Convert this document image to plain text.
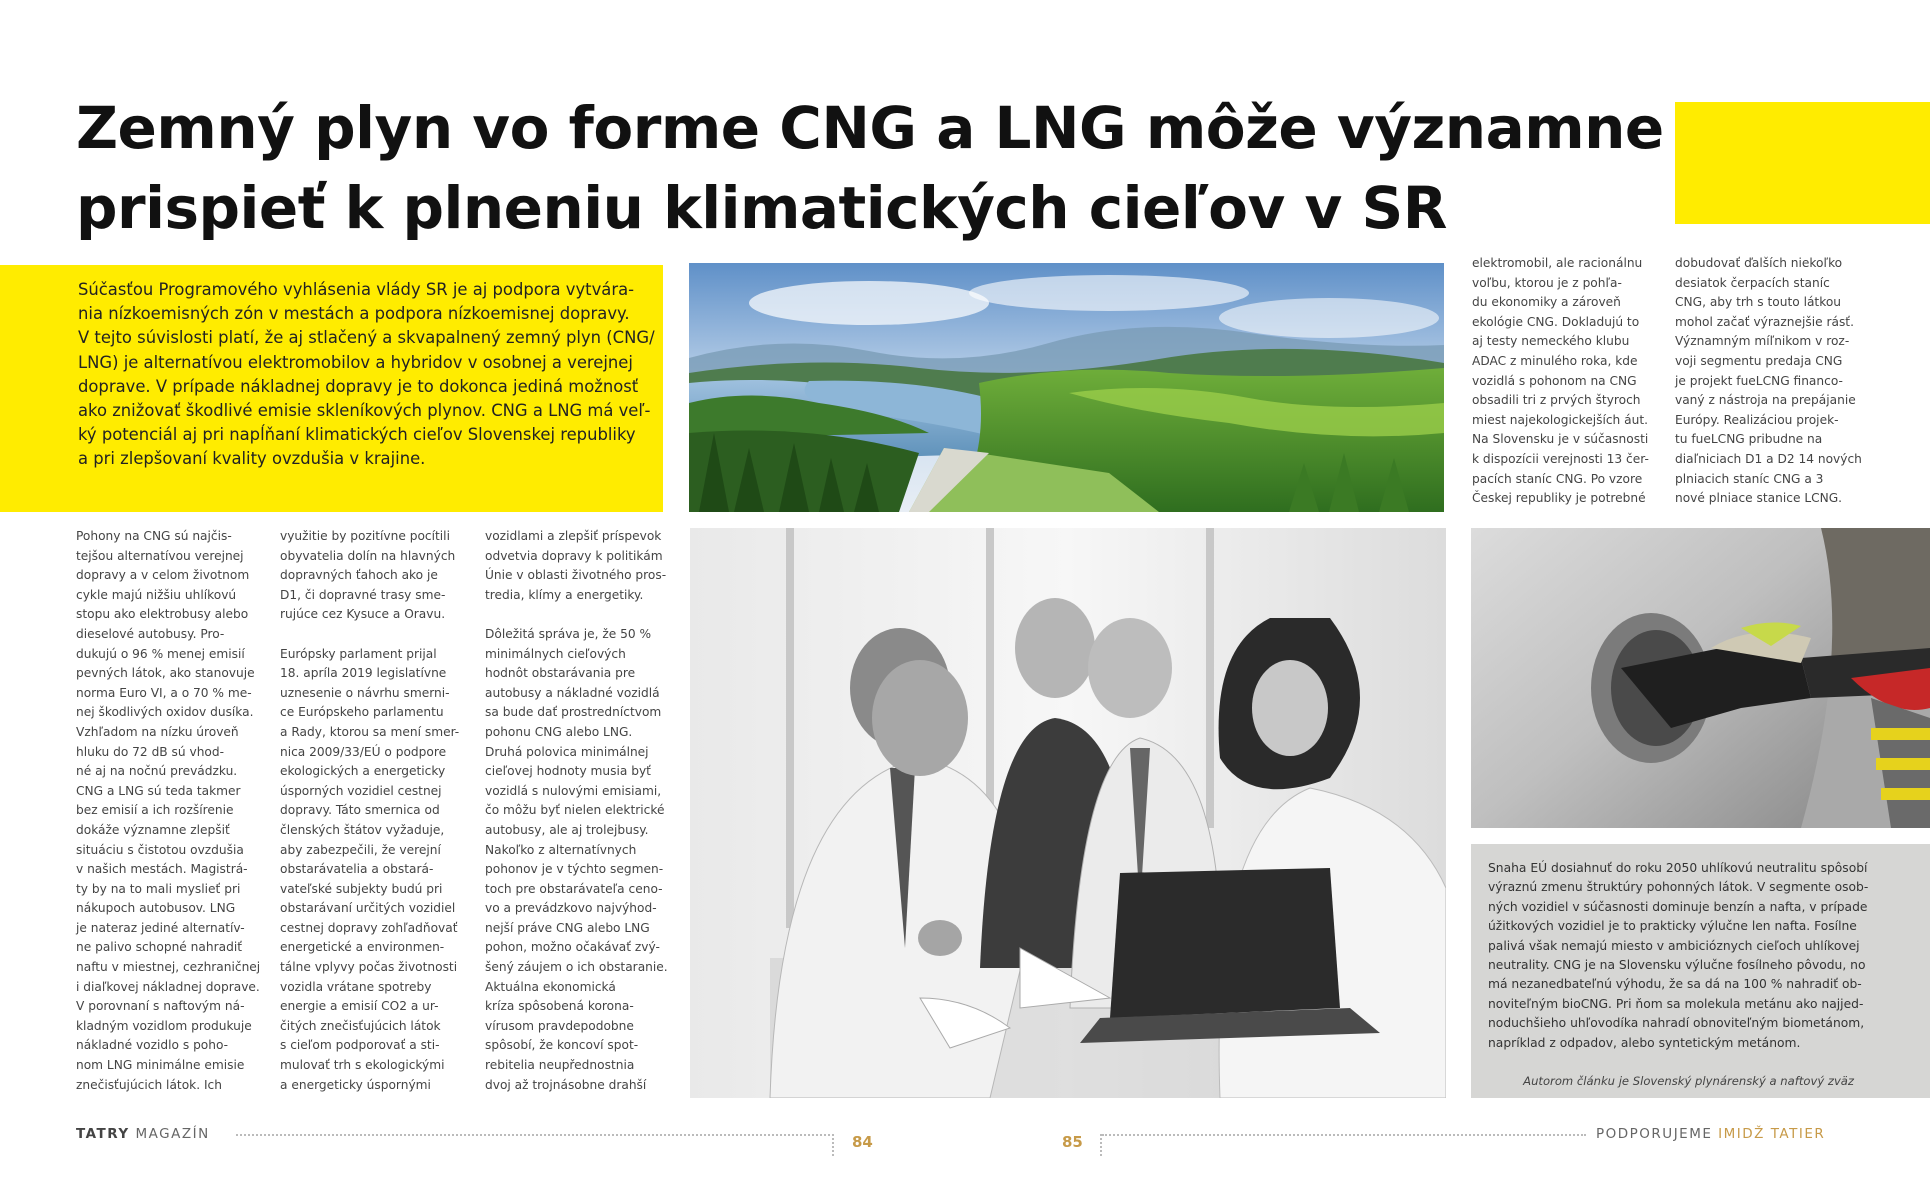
Zemný plyn vo forme CNG a LNG môže významne
prispieť k plneniu klimatických cieľov v SR

Súčasťou Programového vyhlásenia vlády SR je aj podpora vytvára-
nia nízkoemisných zón v mestách a podpora nízkoemisnej dopravy.
V tejto súvislosti platí, že aj stlačený a skvapalnený zemný plyn (CNG/
LNG) je alternatívou elektromobilov a hybridov v osobnej a verejnej
doprave. V prípade nákladnej dopravy je to dokonca jediná možnosť
ako znižovať škodlivé emisie skleníkových plynov. CNG a LNG má veľ-
ký potenciál aj pri napĺňaní klimatických cieľov Slovenskej republiky
a pri zlepšovaní kvality ovzdušia v krajine.

Pohony na CNG sú najčis-
tejšou alternatívou verejnej
dopravy a v celom životnom
cykle majú nižšiu uhlíkovú
stopu ako elektrobusy alebo
dieselové autobusy. Pro-
dukujú o 96 % menej emisií
pevných látok, ako stanovuje
norma Euro VI, a o 70 % me-
nej škodlivých oxidov dusíka.
Vzhľadom na nízku úroveň
hluku do 72 dB sú vhod-
né aj na nočnú prevádzku.
CNG a LNG sú teda takmer
bez emisií a ich rozšírenie
dokáže významne zlepšiť
situáciu s čistotou ovzdušia
v našich mestách. Magistrá-
ty by na to mali myslieť pri
nákupoch autobusov. LNG
je nateraz jediné alternatív-
ne palivo schopné nahradiť
naftu v miestnej, cezhraničnej
i diaľkovej nákladnej doprave.
V porovnaní s naftovým ná-
kladným vozidlom produkuje
nákladné vozidlo s poho-
nom LNG minimálne emisie
znečisťujúcich látok. Ich
využitie by pozitívne pocítili
obyvatelia dolín na hlavných
dopravných ťahoch ako je
D1, či dopravné trasy sme-
rujúce cez Kysuce a Oravu.
Európsky parlament prijal
18. apríla 2019 legislatívne
uznesenie o návrhu smerni-
ce Európskeho parlamentu
a Rady, ktorou sa mení smer-
nica 2009/33/EÚ o podpore
ekologických a energeticky
úsporných vozidiel cestnej
dopravy. Táto smernica od
členských štátov vyžaduje,
aby zabezpečili, že verejní
obstarávatelia a obstará-
vateľské subjekty budú pri
obstarávaní určitých vozidiel
cestnej dopravy zohľadňovať
energetické a environmen-
tálne vplyvy počas životnosti
vozidla vrátane spotreby
energie a emisií CO2 a ur-
čitých znečisťujúcich látok
s cieľom podporovať a sti-
mulovať trh s ekologickými
a energeticky úspornými
vozidlami a zlepšiť príspevok
odvetvia dopravy k politikám
Únie v oblasti životného pros-
tredia, klímy a energetiky.
Dôležitá správa je, že 50 %
minimálnych cieľových
hodnôt obstarávania pre
autobusy a nákladné vozidlá
sa bude dať prostredníctvom
pohonu CNG alebo LNG.
Druhá polovica minimálnej
cieľovej hodnoty musia byť
vozidlá s nulovými emisiami,
čo môžu byť nielen elektrické
autobusy, ale aj trolejbusy.
Nakoľko z alternatívnych
pohonov je v týchto segmen-
toch pre obstarávateľa ceno-
vo a prevádzkovo najvýhod-
nejší práve CNG alebo LNG
pohon, možno očakávať zvý-
šený záujem o ich obstaranie.
Aktuálna ekonomická
kríza spôsobená korona-
vírusom pravdepodobne
spôsobí, že koncoví spot-
rebitelia neupřednostnia
dvoj až trojnásobne drahší
elektromobil, ale racionálnu
voľbu, ktorou je z pohľa-
du ekonomiky a zároveň
ekológie CNG. Dokladujú to
aj testy nemeckého klubu
ADAC z minulého roka, kde
vozidlá s pohonom na CNG
obsadili tri z prvých štyroch
miest najekologickejších áut.
Na Slovensku je v súčasnosti
k dispozícii verejnosti 13 čer-
pacích staníc CNG. Po vzore
Českej republiky je potrebné
dobudovať ďalších niekoľko
desiatok čerpacích staníc
CNG, aby trh s touto látkou
mohol začať výraznejšie rásť.
Významným míľnikom v roz-
voji segmentu predaja CNG
je projekt fueLCNG financo-
vaný z nástroja na prepájanie
Európy. Realizáciou projek-
tu fueLCNG pribudne na
diaľniciach D1 a D2 14 nových
plniacich staníc CNG a 3
nové plniace stanice LCNG.

Snaha EÚ dosiahnuť do roku 2050 uhlíkovú neutralitu spôsobí
výraznú zmenu štruktúry pohonných látok. V segmente osob-
ných vozidiel v súčasnosti dominuje benzín a nafta, v prípade
úžitkových vozidiel je to prakticky výlučne len nafta. Fosílne
palivá však nemajú miesto v ambicióznych cieľoch uhlíkovej
neutrality. CNG je na Slovensku výlučne fosílneho pôvodu, no
má nezanedbateľnú výhodu, že sa dá na 100 % nahradiť ob-
noviteľným bioCNG. Pri ňom sa molekula metánu ako najjed-
noduchšieho uhľovodíka nahradí obnoviteľným biometánom,
napríklad z odpadov, alebo syntetickým metánom.

Autorom článku je Slovenský plynárenský a naftový zväz

TATRY MAGAZÍN	84	85	PODPORUJEME IMIDŽ TATIER
